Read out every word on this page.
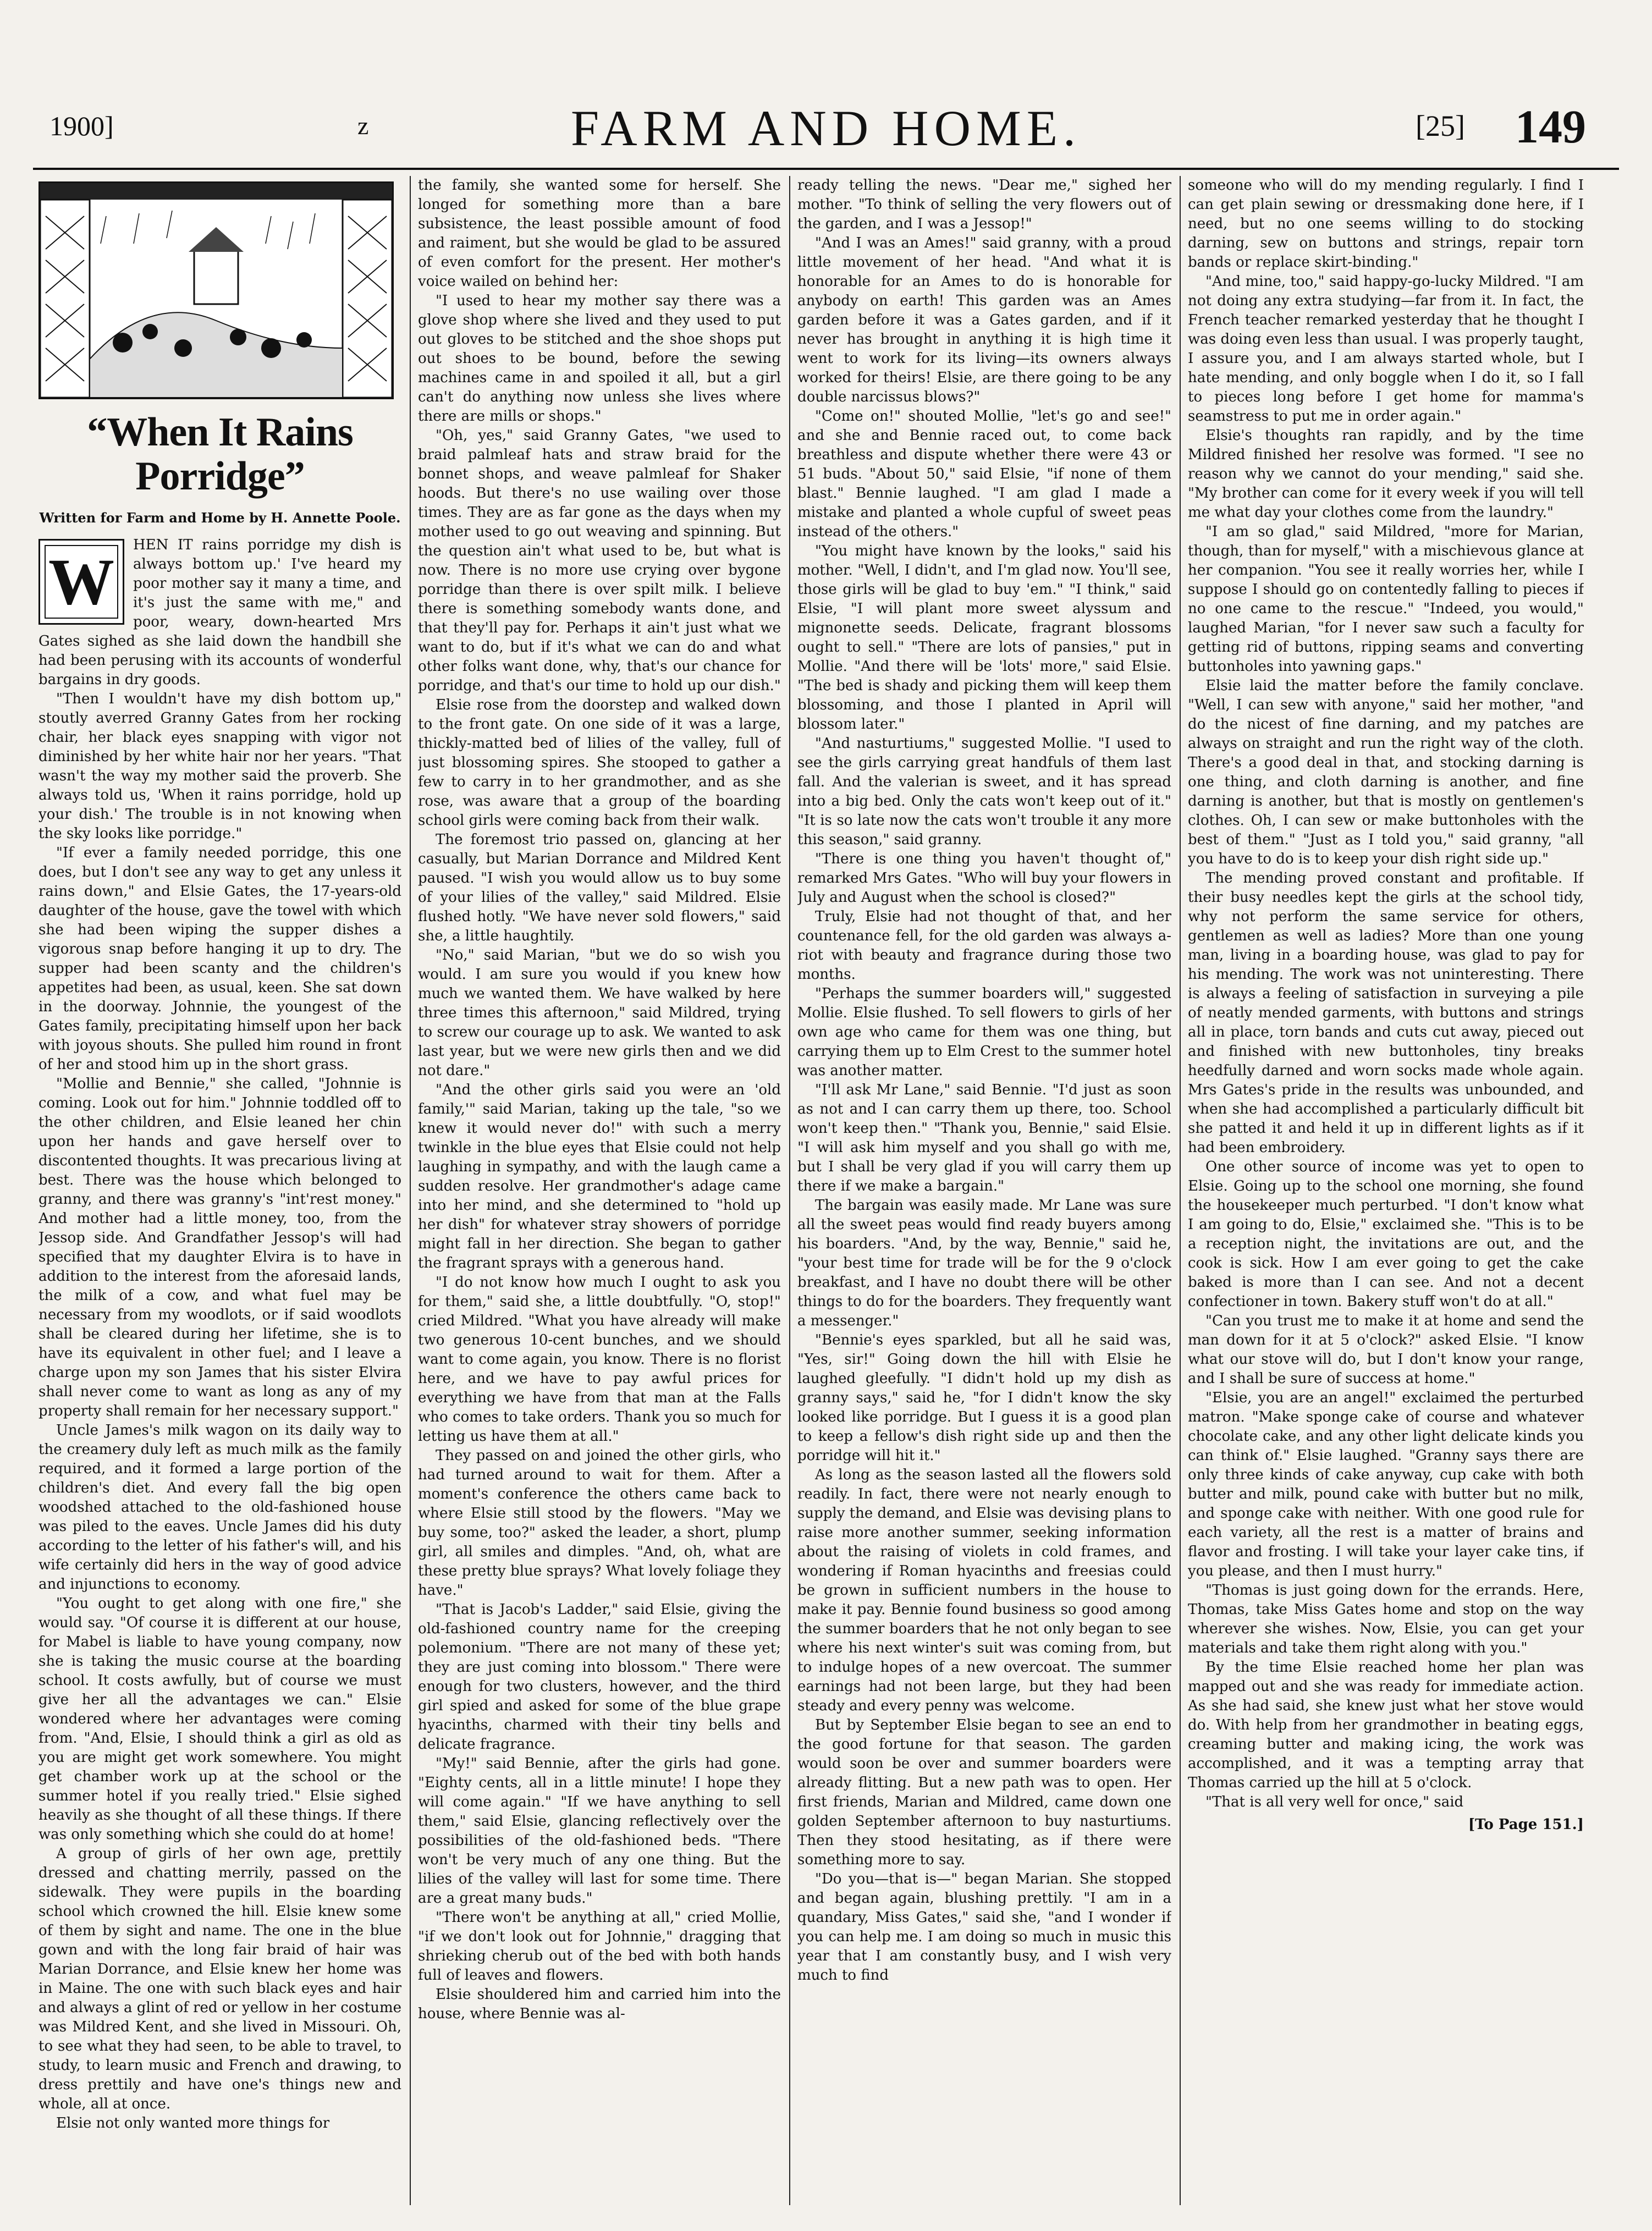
1900]	z	FARM AND HOME.	[25] 149
“When It Rains Porridge”
Written for Farm and Home by H. Annette Poole.
W	HEN IT rains porridge my dish is always bottom up.' I've heard my poor mother say it many a time, and it's just the same with me," and poor, weary, down-hearted Mrs Gates sighed as she laid down the handbill she had been perusing with its accounts of wonderful bargains in dry goods.

"Then I wouldn't have my dish bottom up," stoutly averred Granny Gates from her rocking chair, her black eyes snapping with vigor not diminished by her white hair nor her years. "That wasn't the way my mother said the proverb. She always told us, 'When it rains porridge, hold up your dish.' The trouble is in not knowing when the sky looks like porridge."

"If ever a family needed porridge, this one does, but I don't see any way to get any unless it rains down," and Elsie Gates, the 17-years-old daughter of the house, gave the towel with which she had been wiping the supper dishes a vigorous snap before hanging it up to dry. The supper had been scanty and the children's appetites had been, as usual, keen. She sat down in the doorway. Johnnie, the youngest of the Gates family, precipitating himself upon her back with joyous shouts. She pulled him round in front of her and stood him up in the short grass.

"Mollie and Bennie," she called, "Johnnie is coming. Look out for him." Johnnie toddled off to the other children, and Elsie leaned her chin upon her hands and gave herself over to discontented thoughts. It was precarious living at best. There was the house which belonged to granny, and there was granny's "int'rest money." And mother had a little money, too, from the Jessop side. And Grandfather Jessop's will had specified that my daughter Elvira is to have in addition to the interest from the aforesaid lands, the milk of a cow, and what fuel may be necessary from my woodlots, or if said woodlots shall be cleared during her lifetime, she is to have its equivalent in other fuel; and I leave a charge upon my son James that his sister Elvira shall never come to want as long as any of my property shall remain for her necessary support."

Uncle James's milk wagon on its daily way to the creamery duly left as much milk as the family required, and it formed a large portion of the children's diet. And every fall the big open woodshed attached to the old-fashioned house was piled to the eaves. Uncle James did his duty according to the letter of his father's will, and his wife certainly did hers in the way of good advice and injunctions to economy.

"You ought to get along with one fire," she would say. "Of course it is different at our house, for Mabel is liable to have young company, now she is taking the music course at the boarding school. It costs awfully, but of course we must give her all the advantages we can." Elsie wondered where her advantages were coming from. "And, Elsie, I should think a girl as old as you are might get work somewhere. You might get chamber work up at the school or the summer hotel if you really tried." Elsie sighed heavily as she thought of all these things. If there was only something which she could do at home!

A group of girls of her own age, prettily dressed and chatting merrily, passed on the sidewalk. They were pupils in the boarding school which crowned the hill. Elsie knew some of them by sight and name. The one in the blue gown and with the long fair braid of hair was Marian Dorrance, and Elsie knew her home was in Maine. The one with such black eyes and hair and always a glint of red or yellow in her costume was Mildred Kent, and she lived in Missouri. Oh, to see what they had seen, to be able to travel, to study, to learn music and French and drawing, to dress prettily and have one's things new and whole, all at once.

Elsie not only wanted more things for

the family, she wanted some for herself. She longed for something more than a bare subsistence, the least possible amount of food and raiment, but she would be glad to be assured of even comfort for the present. Her mother's voice wailed on behind her:

"I used to hear my mother say there was a glove shop where she lived and they used to put out gloves to be stitched and the shoe shops put out shoes to be bound, before the sewing machines came in and spoiled it all, but a girl can't do anything now unless she lives where there are mills or shops."

"Oh, yes," said Granny Gates, "we used to braid palmleaf hats and straw braid for the bonnet shops, and weave palmleaf for Shaker hoods. But there's no use wailing over those times. They are as far gone as the days when my mother used to go out weaving and spinning. But the question ain't what used to be, but what is now. There is no more use crying over bygone porridge than there is over spilt milk. I believe there is something somebody wants done, and that they'll pay for. Perhaps it ain't just what we want to do, but if it's what we can do and what other folks want done, why, that's our chance for porridge, and that's our time to hold up our dish."

Elsie rose from the doorstep and walked down to the front gate. On one side of it was a large, thickly-matted bed of lilies of the valley, full of just blossoming spires. She stooped to gather a few to carry in to her grandmother, and as she rose, was aware that a group of the boarding school girls were coming back from their walk.

The foremost trio passed on, glancing at her casually, but Marian Dorrance and Mildred Kent paused. "I wish you would allow us to buy some of your lilies of the valley," said Mildred. Elsie flushed hotly. "We have never sold flowers," said she, a little haughtily.

"No," said Marian, "but we do so wish you would. I am sure you would if you knew how much we wanted them. We have walked by here three times this afternoon," said Mildred, trying to screw our courage up to ask. We wanted to ask last year, but we were new girls then and we did not dare."

"And the other girls said you were an 'old family,'" said Marian, taking up the tale, "so we knew it would never do!" with such a merry twinkle in the blue eyes that Elsie could not help laughing in sympathy, and with the laugh came a sudden resolve. Her grandmother's adage came into her mind, and she determined to "hold up her dish" for whatever stray showers of porridge might fall in her direction. She began to gather the fragrant sprays with a generous hand.

"I do not know how much I ought to ask you for them," said she, a little doubtfully. "O, stop!" cried Mildred. "What you have already will make two generous 10-cent bunches, and we should want to come again, you know. There is no florist here, and we have to pay awful prices for everything we have from that man at the Falls who comes to take orders. Thank you so much for letting us have them at all."

They passed on and joined the other girls, who had turned around to wait for them. After a moment's conference the others came back to where Elsie still stood by the flowers. "May we buy some, too?" asked the leader, a short, plump girl, all smiles and dimples. "And, oh, what are these pretty blue sprays? What lovely foliage they have."

"That is Jacob's Ladder," said Elsie, giving the old-fashioned country name for the creeping polemonium. "There are not many of these yet; they are just coming into blossom." There were enough for two clusters, however, and the third girl spied and asked for some of the blue grape hyacinths, charmed with their tiny bells and delicate fragrance.

"My!" said Bennie, after the girls had gone. "Eighty cents, all in a little minute! I hope they will come again." "If we have anything to sell them," said Elsie, glancing reflectively over the possibilities of the old-fashioned beds. "There won't be very much of any one thing. But the lilies of the valley will last for some time. There are a great many buds."

"There won't be anything at all," cried Mollie, "if we don't look out for Johnnie," dragging that shrieking cherub out of the bed with both hands full of leaves and flowers.

Elsie shouldered him and carried him into the house, where Bennie was al-

ready telling the news. "Dear me," sighed her mother. "To think of selling the very flowers out of the garden, and I was a Jessop!"

"And I was an Ames!" said granny, with a proud little movement of her head. "And what it is honorable for an Ames to do is honorable for anybody on earth! This garden was an Ames garden before it was a Gates garden, and if it never has brought in anything it is high time it went to work for its living—its owners always worked for theirs! Elsie, are there going to be any double narcissus blows?"

"Come on!" shouted Mollie, "let's go and see!" and she and Bennie raced out, to come back breathless and dispute whether there were 43 or 51 buds. "About 50," said Elsie, "if none of them blast." Bennie laughed. "I am glad I made a mistake and planted a whole cupful of sweet peas instead of the others."

"You might have known by the looks," said his mother. "Well, I didn't, and I'm glad now. You'll see, those girls will be glad to buy 'em." "I think," said Elsie, "I will plant more sweet alyssum and mignonette seeds. Delicate, fragrant blossoms ought to sell." "There are lots of pansies," put in Mollie. "And there will be 'lots' more," said Elsie. "The bed is shady and picking them will keep them blossoming, and those I planted in April will blossom later."

"And nasturtiums," suggested Mollie. "I used to see the girls carrying great handfuls of them last fall. And the valerian is sweet, and it has spread into a big bed. Only the cats won't keep out of it." "It is so late now the cats won't trouble it any more this season," said granny.

"There is one thing you haven't thought of," remarked Mrs Gates. "Who will buy your flowers in July and August when the school is closed?"

Truly, Elsie had not thought of that, and her countenance fell, for the old garden was always a-riot with beauty and fragrance during those two months.

"Perhaps the summer boarders will," suggested Mollie. Elsie flushed. To sell flowers to girls of her own age who came for them was one thing, but carrying them up to Elm Crest to the summer hotel was another matter.

"I'll ask Mr Lane," said Bennie. "I'd just as soon as not and I can carry them up there, too. School won't keep then." "Thank you, Bennie," said Elsie. "I will ask him myself and you shall go with me, but I shall be very glad if you will carry them up there if we make a bargain."

The bargain was easily made. Mr Lane was sure all the sweet peas would find ready buyers among his boarders. "And, by the way, Bennie," said he, "your best time for trade will be for the 9 o'clock breakfast, and I have no doubt there will be other things to do for the boarders. They frequently want a messenger."

"Bennie's eyes sparkled, but all he said was, "Yes, sir!" Going down the hill with Elsie he laughed gleefully. "I didn't hold up my dish as granny says," said he, "for I didn't know the sky looked like porridge. But I guess it is a good plan to keep a fellow's dish right side up and then the porridge will hit it."

As long as the season lasted all the flowers sold readily. In fact, there were not nearly enough to supply the demand, and Elsie was devising plans to raise more another summer, seeking information about the raising of violets in cold frames, and wondering if Roman hyacinths and freesias could be grown in sufficient numbers in the house to make it pay. Bennie found business so good among the summer boarders that he not only began to see where his next winter's suit was coming from, but to indulge hopes of a new overcoat. The summer earnings had not been large, but they had been steady and every penny was welcome.

But by September Elsie began to see an end to the good fortune for that season. The garden would soon be over and summer boarders were already flitting. But a new path was to open. Her first friends, Marian and Mildred, came down one golden September afternoon to buy nasturtiums. Then they stood hesitating, as if there were something more to say.

"Do you—that is—" began Marian. She stopped and began again, blushing prettily. "I am in a quandary, Miss Gates," said she, "and I wonder if you can help me. I am doing so much in music this year that I am constantly busy, and I wish very much to find

someone who will do my mending regularly. I find I can get plain sewing or dressmaking done here, if I need, but no one seems willing to do stocking darning, sew on buttons and strings, repair torn bands or replace skirt-binding."

"And mine, too," said happy-go-lucky Mildred. "I am not doing any extra studying—far from it. In fact, the French teacher remarked yesterday that he thought I was doing even less than usual. I was properly taught, I assure you, and I am always started whole, but I hate mending, and only boggle when I do it, so I fall to pieces long before I get home for mamma's seamstress to put me in order again."

Elsie's thoughts ran rapidly, and by the time Mildred finished her resolve was formed. "I see no reason why we cannot do your mending," said she. "My brother can come for it every week if you will tell me what day your clothes come from the laundry."

"I am so glad," said Mildred, "more for Marian, though, than for myself," with a mischievous glance at her companion. "You see it really worries her, while I suppose I should go on contentedly falling to pieces if no one came to the rescue." "Indeed, you would," laughed Marian, "for I never saw such a faculty for getting rid of buttons, ripping seams and converting buttonholes into yawning gaps."

Elsie laid the matter before the family conclave. "Well, I can sew with anyone," said her mother, "and do the nicest of fine darning, and my patches are always on straight and run the right way of the cloth. There's a good deal in that, and stocking darning is one thing, and cloth darning is another, and fine darning is another, but that is mostly on gentlemen's clothes. Oh, I can sew or make buttonholes with the best of them." "Just as I told you," said granny, "all you have to do is to keep your dish right side up."

The mending proved constant and profitable. If their busy needles kept the girls at the school tidy, why not perform the same service for others, gentlemen as well as ladies? More than one young man, living in a boarding house, was glad to pay for his mending. The work was not uninteresting. There is always a feeling of satisfaction in surveying a pile of neatly mended garments, with buttons and strings all in place, torn bands and cuts cut away, pieced out and finished with new buttonholes, tiny breaks heedfully darned and worn socks made whole again. Mrs Gates's pride in the results was unbounded, and when she had accomplished a particularly difficult bit she patted it and held it up in different lights as if it had been embroidery.

One other source of income was yet to open to Elsie. Going up to the school one morning, she found the housekeeper much perturbed. "I don't know what I am going to do, Elsie," exclaimed she. "This is to be a reception night, the invitations are out, and the cook is sick. How I am ever going to get the cake baked is more than I can see. And not a decent confectioner in town. Bakery stuff won't do at all."

"Can you trust me to make it at home and send the man down for it at 5 o'clock?" asked Elsie. "I know what our stove will do, but I don't know your range, and I shall be sure of success at home."

"Elsie, you are an angel!" exclaimed the perturbed matron. "Make sponge cake of course and whatever chocolate cake, and any other light delicate kinds you can think of." Elsie laughed. "Granny says there are only three kinds of cake anyway, cup cake with both butter and milk, pound cake with butter but no milk, and sponge cake with neither. With one good rule for each variety, all the rest is a matter of brains and flavor and frosting. I will take your layer cake tins, if you please, and then I must hurry."

"Thomas is just going down for the errands. Here, Thomas, take Miss Gates home and stop on the way wherever she wishes. Now, Elsie, you can get your materials and take them right along with you."

By the time Elsie reached home her plan was mapped out and she was ready for immediate action. As she had said, she knew just what her stove would do. With help from her grandmother in beating eggs, creaming butter and making icing, the work was accomplished, and it was a tempting array that Thomas carried up the hill at 5 o'clock.

"That is all very well for once," said

[To Page 151.]
